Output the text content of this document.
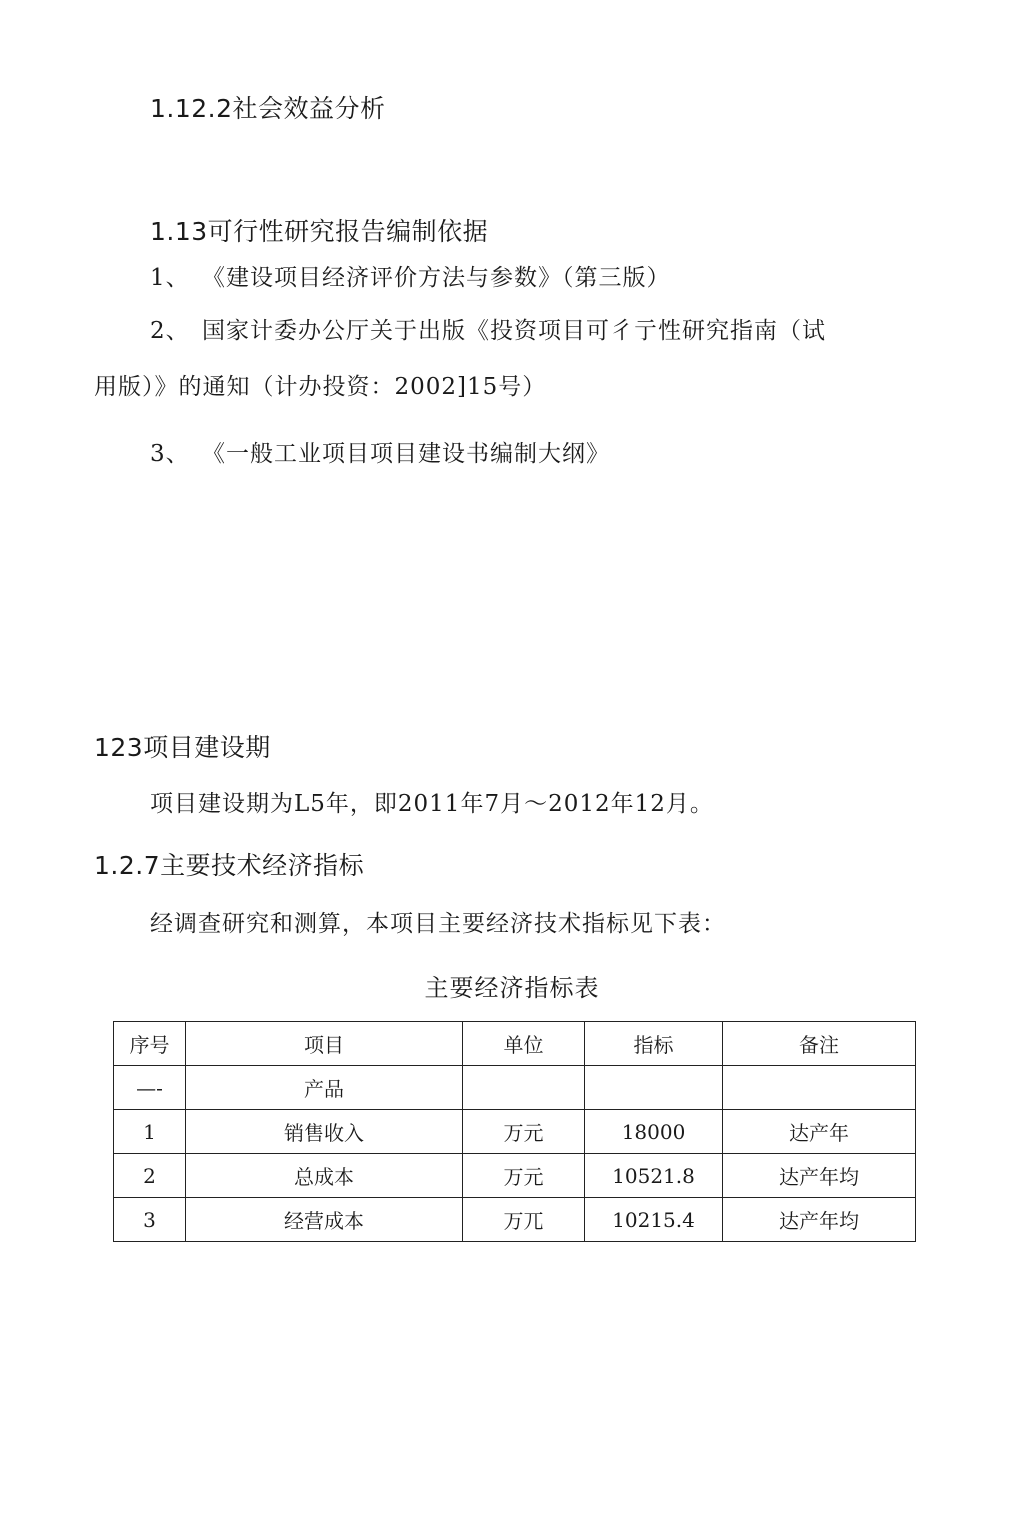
1.12.2社会效益分析
1.13可行性研究报告编制依据
1、 《建设项目经济评价方法与参数》（第三版）
2、 国家计委办公厅关于出版《投资项目可彳亍性研究指南（试
用版）》的通知（计办投资：2002]15号）
3、 《一般工业项目项目建设书编制大纲》
123项目建设期
项目建设期为L5年，即2011年7月～2012年12月。
1.2.7主要技术经济指标
经调查研究和测算，本项目主要经济技术指标见下表：
主要经济指标表
序号	项目	单位	指标	备注
—-	产品			
1	销售收入	万元	18000	达产年
2	总成本	万元	10521.8	达产年均
3	经营成本	万兀	10215.4	达产年均
